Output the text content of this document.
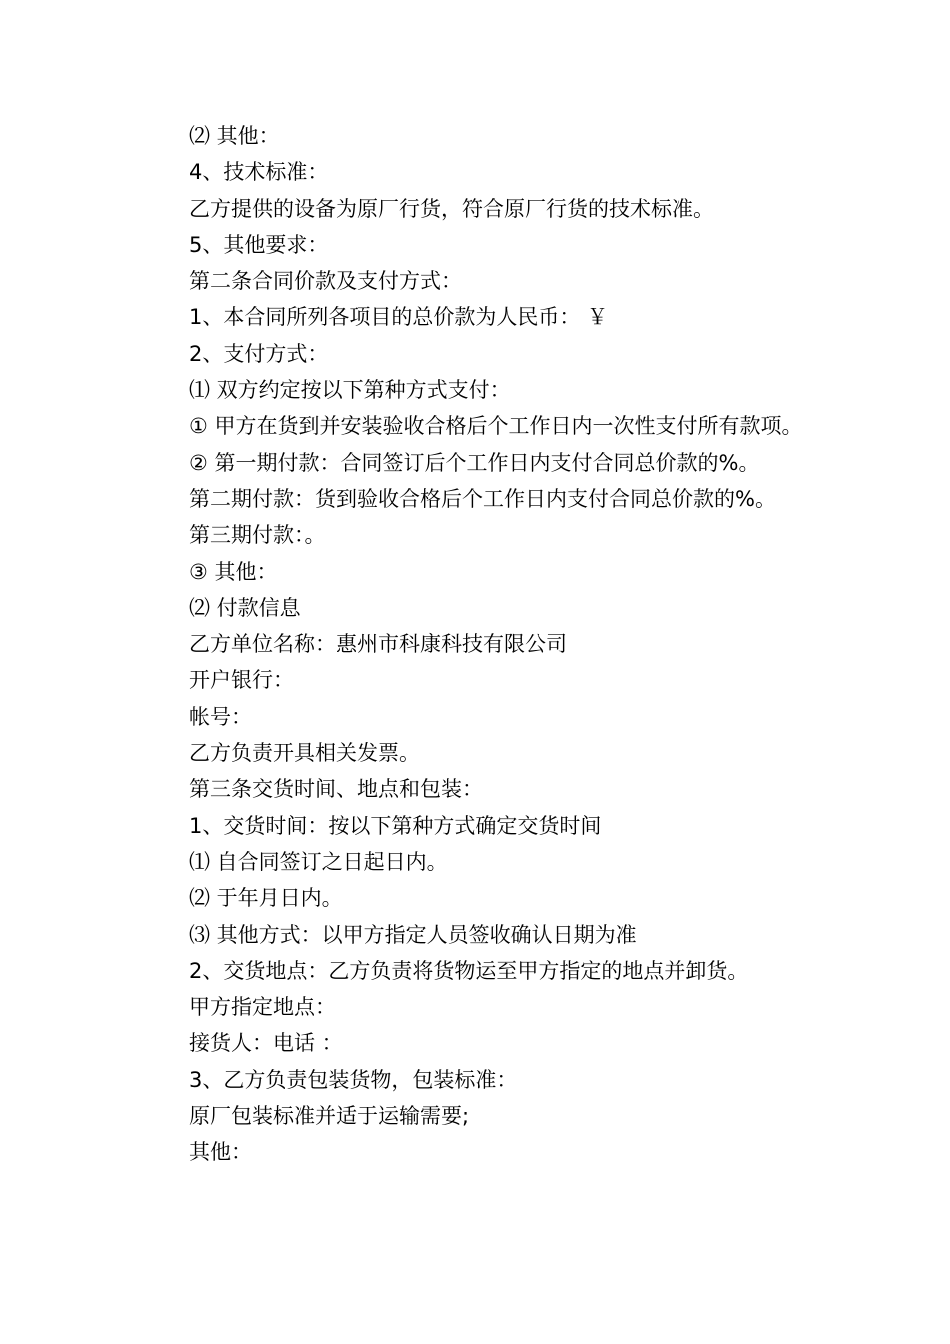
⑵ 其他：

4、技术标准：

乙方提供的设备为原厂行货，符合原厂行货的技术标准。

5、其他要求：

第二条合同价款及支付方式：

1、本合同所列各项目的总价款为人民币： ￥

2、支付方式：

⑴ 双方约定按以下第种方式支付：

① 甲方在货到并安装验收合格后个工作日内一次性支付所有款项。

② 第一期付款：合同签订后个工作日内支付合同总价款的%。

第二期付款：货到验收合格后个工作日内支付合同总价款的%。

第三期付款：。

③ 其他：

⑵ 付款信息

乙方单位名称：惠州市科康科技有限公司

开户银行：

帐号：

乙方负责开具相关发票。

第三条交货时间、地点和包装：

1、交货时间：按以下第种方式确定交货时间

⑴ 自合同签订之日起日内。

⑵ 于年月日内。

⑶ 其他方式：以甲方指定人员签收确认日期为准

2、交货地点：乙方负责将货物运至甲方指定的地点并卸货。

甲方指定地点：

接货人：电话 ：

3、乙方负责包装货物，包装标准：

原厂包装标准并适于运输需要;

其他：
